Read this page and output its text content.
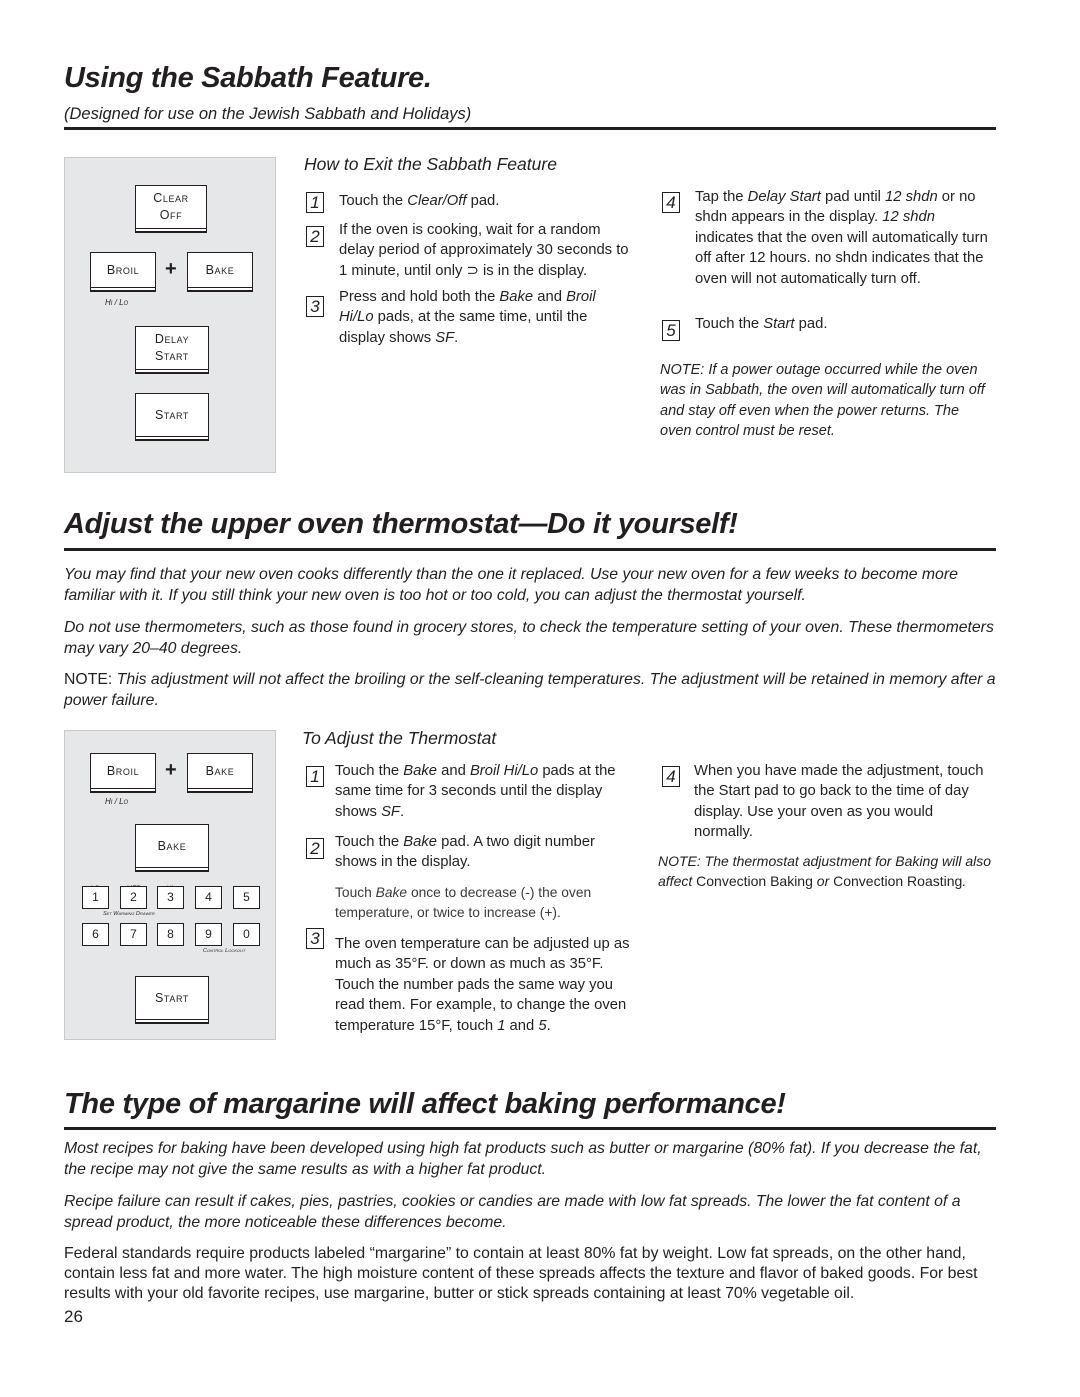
Using the Sabbath Feature.
(Designed for use on the Jewish Sabbath and Holidays)
Clear
Off
Broil	+	Bake
Hi / Lo
Delay
Start
Start
How to Exit the Sabbath Feature
1 Touch the Clear/Off pad.
2 If the oven is cooking, wait for a random delay period of approximately 30 seconds to 1 minute, until only ⊃ is in the display.
3 Press and hold both the Bake and Broil
Hi/Lo pads, at the same time, until the display shows SF.
4 Tap the Delay Start pad until 12 shdn or no shdn appears in the display. 12 shdn indicates that the oven will automatically turn off after 12 hours. no shdn indicates that the oven will not automatically turn off.
5 Touch the Start pad.
NOTE: If a power outage occurred while the oven was in Sabbath, the oven will automatically turn off and stay off even when the power returns. The oven control must be reset.
Adjust the upper oven thermostat—Do it yourself!
You may find that your new oven cooks differently than the one it replaced. Use your new oven for a few weeks to become more familiar with it. If you still think your new oven is too hot or too cold, you can adjust the thermostat yourself.
Do not use thermometers, such as those found in grocery stores, to check the temperature setting of your oven. These thermometers may vary 20–40 degrees.
NOTE: This adjustment will not affect the broiling or the self-cleaning temperatures. The adjustment will be retained in memory after a power failure.
Broil	+	Bake
Hi / Lo
Bake
1	2	3	4	5
Set Warming Drawer
6	7	8	9	0
Control Lockout
Start
To Adjust the Thermostat
1 Touch the Bake and Broil Hi/Lo pads at the same time for 3 seconds until the display shows SF.
2 Touch the Bake pad. A two digit number shows in the display.
Touch Bake once to decrease (-) the oven temperature, or twice to increase (+).
3 The oven temperature can be adjusted up as much as 35°F. or down as much as 35°F. Touch the number pads the same way you read them. For example, to change the oven temperature 15°F, touch 1 and 5.
4 When you have made the adjustment, touch the Start pad to go back to the time of day display. Use your oven as you would normally.
NOTE: The thermostat adjustment for Baking will also affect Convection Baking or Convection Roasting.
The type of margarine will affect baking performance!
Most recipes for baking have been developed using high fat products such as butter or margarine (80% fat). If you decrease the fat, the recipe may not give the same results as with a higher fat product.
Recipe failure can result if cakes, pies, pastries, cookies or candies are made with low fat spreads. The lower the fat content of a spread product, the more noticeable these differences become.
Federal standards require products labeled “margarine” to contain at least 80% fat by weight. Low fat spreads, on the other hand, contain less fat and more water. The high moisture content of these spreads affects the texture and flavor of baked goods. For best results with your old favorite recipes, use margarine, butter or stick spreads containing at least 70% vegetable oil.
26
